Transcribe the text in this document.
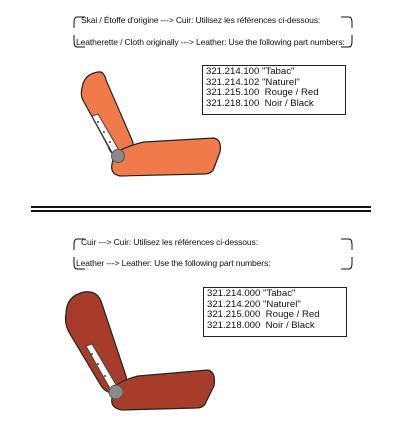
Skai / Étoffe d'origine ---> Cuir: Utilisez les références ci-dessous:
Leatherette / Cloth originally ---> Leather: Use the following part numbers:
321.214.100 "Tabac"
321.214.102 "Naturel"
321.215.100  Rouge / Red
321.218.100  Noir / Black
Cuir ---> Cuir: Utilisez les références ci-dessous:
Leather ---> Leather: Use the following part numbers:
321.214.000 "Tabac"
321.214.200 "Naturel"
321.215.000  Rouge / Red
321.218.000  Noir / Black
